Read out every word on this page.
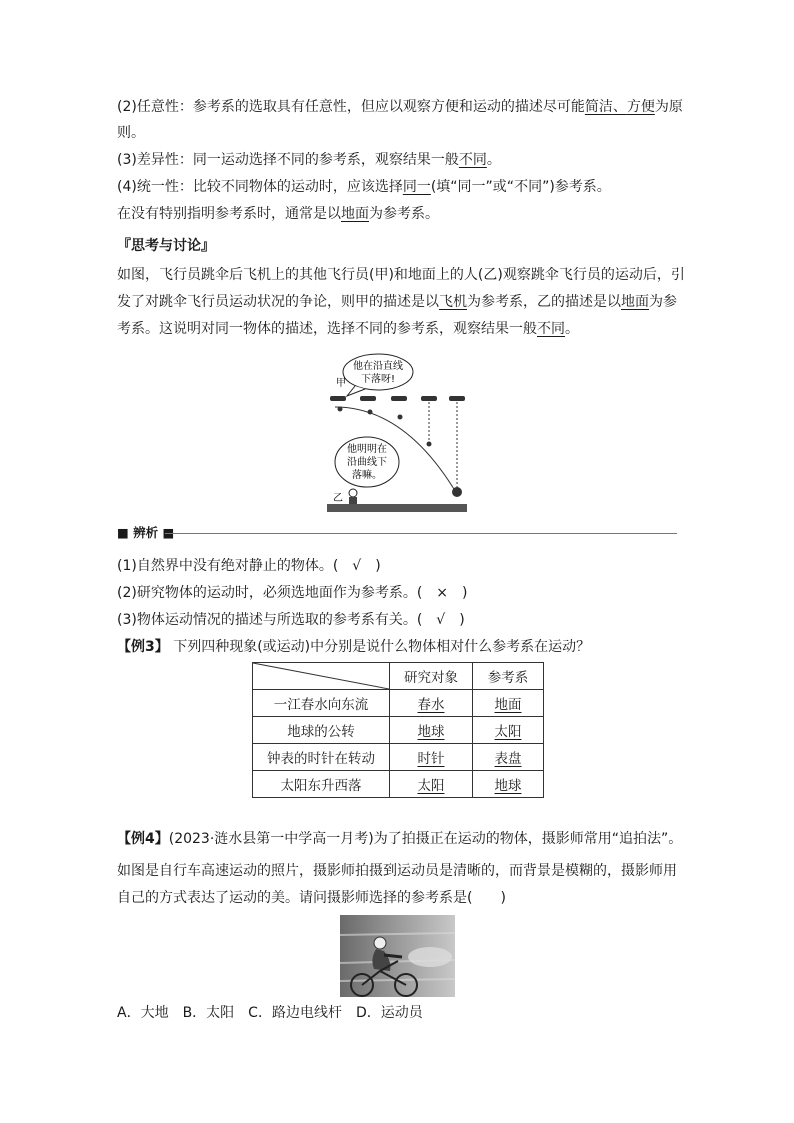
(2)任意性：参考系的选取具有任意性，但应以观察方便和运动的描述尽可能简洁、方便为原
则。
(3)差异性：同一运动选择不同的参考系，观察结果一般不同。
(4)统一性：比较不同物体的运动时，应该选择同一(填“同一”或“不同”)参考系。
在没有特别指明参考系时，通常是以地面为参考系。
『思考与讨论』
如图，飞行员跳伞后飞机上的其他飞行员(甲)和地面上的人(乙)观察跳伞飞行员的运动后，引
发了对跳伞飞行员运动状况的争论，则甲的描述是以飞机为参考系，乙的描述是以地面为参
考系。这说明对同一物体的描述，选择不同的参考系，观察结果一般不同。
他在沿直线
下落呀!
甲
他明明在
沿曲线下
落嘛。
乙
■ 辨析 ■
(1)自然界中没有绝对静止的物体。(　√　)
(2)研究物体的运动时，必须选地面作为参考系。(　×　)
(3)物体运动情况的描述与所选取的参考系有关。(　√　)
【例3】 下列四种现象(或运动)中分别是说什么物体相对什么参考系在运动？
	研究对象	参考系
一江春水向东流	春水	地面
地球的公转	地球	太阳
钟表的时针在转动	时针	表盘
太阳东升西落	太阳	地球
【例4】(2023·涟水县第一中学高一月考)为了拍摄正在运动的物体，摄影师常用“追拍法”。
如图是自行车高速运动的照片，摄影师拍摄到运动员是清晰的，而背景是模糊的，摄影师用
自己的方式表达了运动的美。请问摄影师选择的参考系是(　　)
A．大地　B．太阳　C．路边电线杆　D．运动员
